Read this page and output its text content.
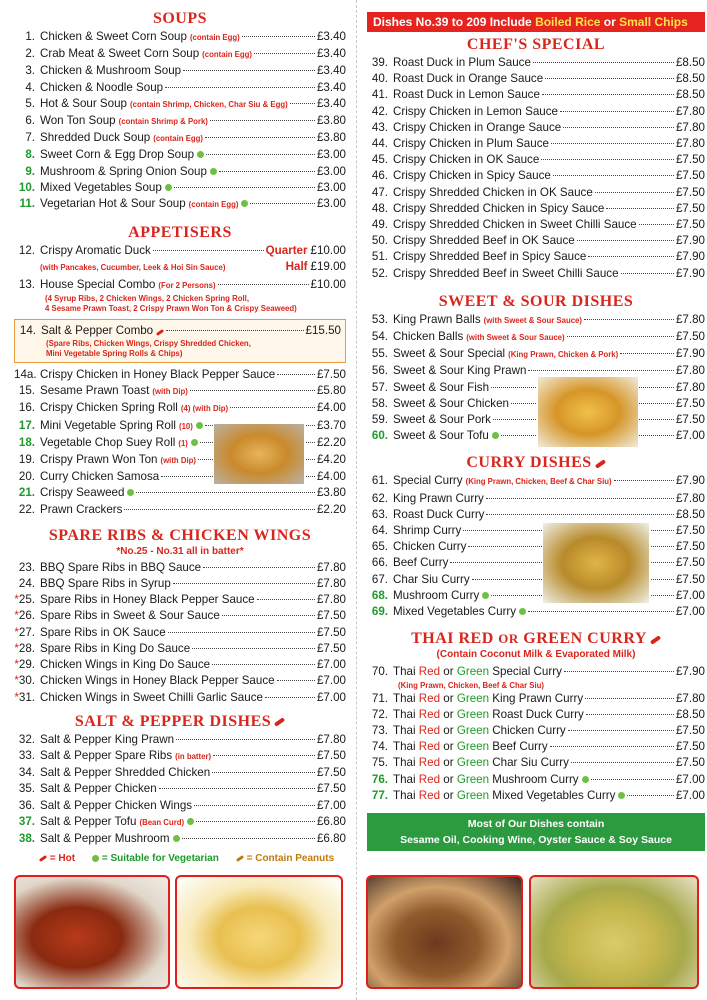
SOUPS
1. Chicken & Sweet Corn Soup (contain Egg)	£3.40
2. Crab Meat & Sweet Corn Soup (contain Egg)	£3.40
3. Chicken & Mushroom Soup	£3.40
4. Chicken & Noodle Soup	£3.40
5. Hot & Sour Soup (contain Shrimp, Chicken, Char Siu & Egg)	£3.40
6. Won Ton Soup (contain Shrimp & Pork)	£3.80
7. Shredded Duck Soup (contain Egg)	£3.80
8. Sweet Corn & Egg Drop Soup	£3.00
9. Mushroom & Spring Onion Soup	£3.00
10. Mixed Vegetables Soup	£3.00
11. Vegetarian Hot & Sour Soup (contain Egg)	£3.00
APPETISERS
12. Crispy Aromatic Duck	Quarter £10.00
(with Pancakes, Cucumber, Leek & Hoi Sin Sauce)	Half £19.00
13. House Special Combo (For 2 Persons)	£10.00
(4 Syrup Ribs, 2 Chicken Wings, 2 Chicken Spring Roll,
4 Sesame Prawn Toast, 2 Crispy Prawn Won Ton & Crispy Seaweed)
14. Salt & Pepper Combo	£15.50
(Spare Ribs, Chicken Wings, Crispy Shredded Chicken,
Mini Vegetable Spring Rolls & Chips)
14a. Crispy Chicken in Honey Black Pepper Sauce	£7.50
15. Sesame Prawn Toast (with Dip)	£5.80
16. Crispy Chicken Spring Roll (4) (with Dip)	£4.00
17. Mini Vegetable Spring Roll (10)	£3.70
18. Vegetable Chop Suey Roll (1)	£2.20
19. Crispy Prawn Won Ton (with Dip)	£4.20
20. Curry Chicken Samosa	£4.00
21. Crispy Seaweed	£3.80
22. Prawn Crackers	£2.20
SPARE RIBS & CHICKEN WINGS
*No.25 - No.31 all in batter*
23. BBQ Spare Ribs in BBQ Sauce	£7.80
24. BBQ Spare Ribs in Syrup	£7.80
*25. Spare Ribs in Honey Black Pepper Sauce	£7.80
*26. Spare Ribs in Sweet & Sour Sauce	£7.50
*27. Spare Ribs in OK Sauce	£7.50
*28. Spare Ribs in King Do Sauce	£7.50
*29. Chicken Wings in King Do Sauce	£7.00
*30. Chicken Wings in Honey Black Pepper Sauce	£7.00
*31. Chicken Wings in Sweet Chilli Garlic Sauce	£7.00
SALT & PEPPER DISHES
32. Salt & Pepper King Prawn	£7.80
33. Salt & Pepper Spare Ribs (in batter)	£7.50
34. Salt & Pepper Shredded Chicken	£7.50
35. Salt & Pepper Chicken	£7.50
36. Salt & Pepper Chicken Wings	£7.00
37. Salt & Pepper Tofu (Bean Curd)	£6.80
38. Salt & Pepper Mushroom	£6.80
= Hot	= Suitable for Vegetarian	= Contain Peanuts
Dishes No.39 to 209 Include Boiled Rice or Small Chips
CHEF'S SPECIAL
39. Roast Duck in Plum Sauce	£8.50
40. Roast Duck in Orange Sauce	£8.50
41. Roast Duck in Lemon Sauce	£8.50
42. Crispy Chicken in Lemon Sauce	£7.80
43. Crispy Chicken in Orange Sauce	£7.80
44. Crispy Chicken in Plum Sauce	£7.80
45. Crispy Chicken in OK Sauce	£7.50
46. Crispy Chicken in Spicy Sauce	£7.50
47. Crispy Shredded Chicken in OK Sauce	£7.50
48. Crispy Shredded Chicken in Spicy Sauce	£7.50
49. Crispy Shredded Chicken in Sweet Chilli Sauce	£7.50
50. Crispy Shredded Beef in OK Sauce	£7.90
51. Crispy Shredded Beef in Spicy Sauce	£7.90
52. Crispy Shredded Beef in Sweet Chilli Sauce	£7.90
SWEET & SOUR DISHES
53. King Prawn Balls (with Sweet & Sour Sauce)	£7.80
54. Chicken Balls (with Sweet & Sour Sauce)	£7.50
55. Sweet & Sour Special (King Prawn, Chicken & Pork)	£7.90
56. Sweet & Sour King Prawn	£7.80
57. Sweet & Sour Fish	£7.80
58. Sweet & Sour Chicken	£7.50
59. Sweet & Sour Pork	£7.50
60. Sweet & Sour Tofu	£7.00
CURRY DISHES
61. Special Curry (King Prawn, Chicken, Beef & Char Siu)	£7.90
62. King Prawn Curry	£7.80
63. Roast Duck Curry	£8.50
64. Shrimp Curry	£7.50
65. Chicken Curry	£7.50
66. Beef Curry	£7.50
67. Char Siu Curry	£7.50
68. Mushroom Curry	£7.00
69. Mixed Vegetables Curry	£7.00
THAI RED OR GREEN CURRY
(Contain Coconut Milk & Evaporated Milk)
70. Thai Red or Green Special Curry	£7.90
(King Prawn, Chicken, Beef & Char Siu)
71. Thai Red or Green King Prawn Curry	£7.80
72. Thai Red or Green Roast Duck Curry	£8.50
73. Thai Red or Green Chicken Curry	£7.50
74. Thai Red or Green Beef Curry	£7.50
75. Thai Red or Green Char Siu Curry	£7.50
76. Thai Red or Green Mushroom Curry	£7.00
77. Thai Red or Green Mixed Vegetables Curry	£7.00
Most of Our Dishes contain
Sesame Oil, Cooking Wine, Oyster Sauce & Soy Sauce
